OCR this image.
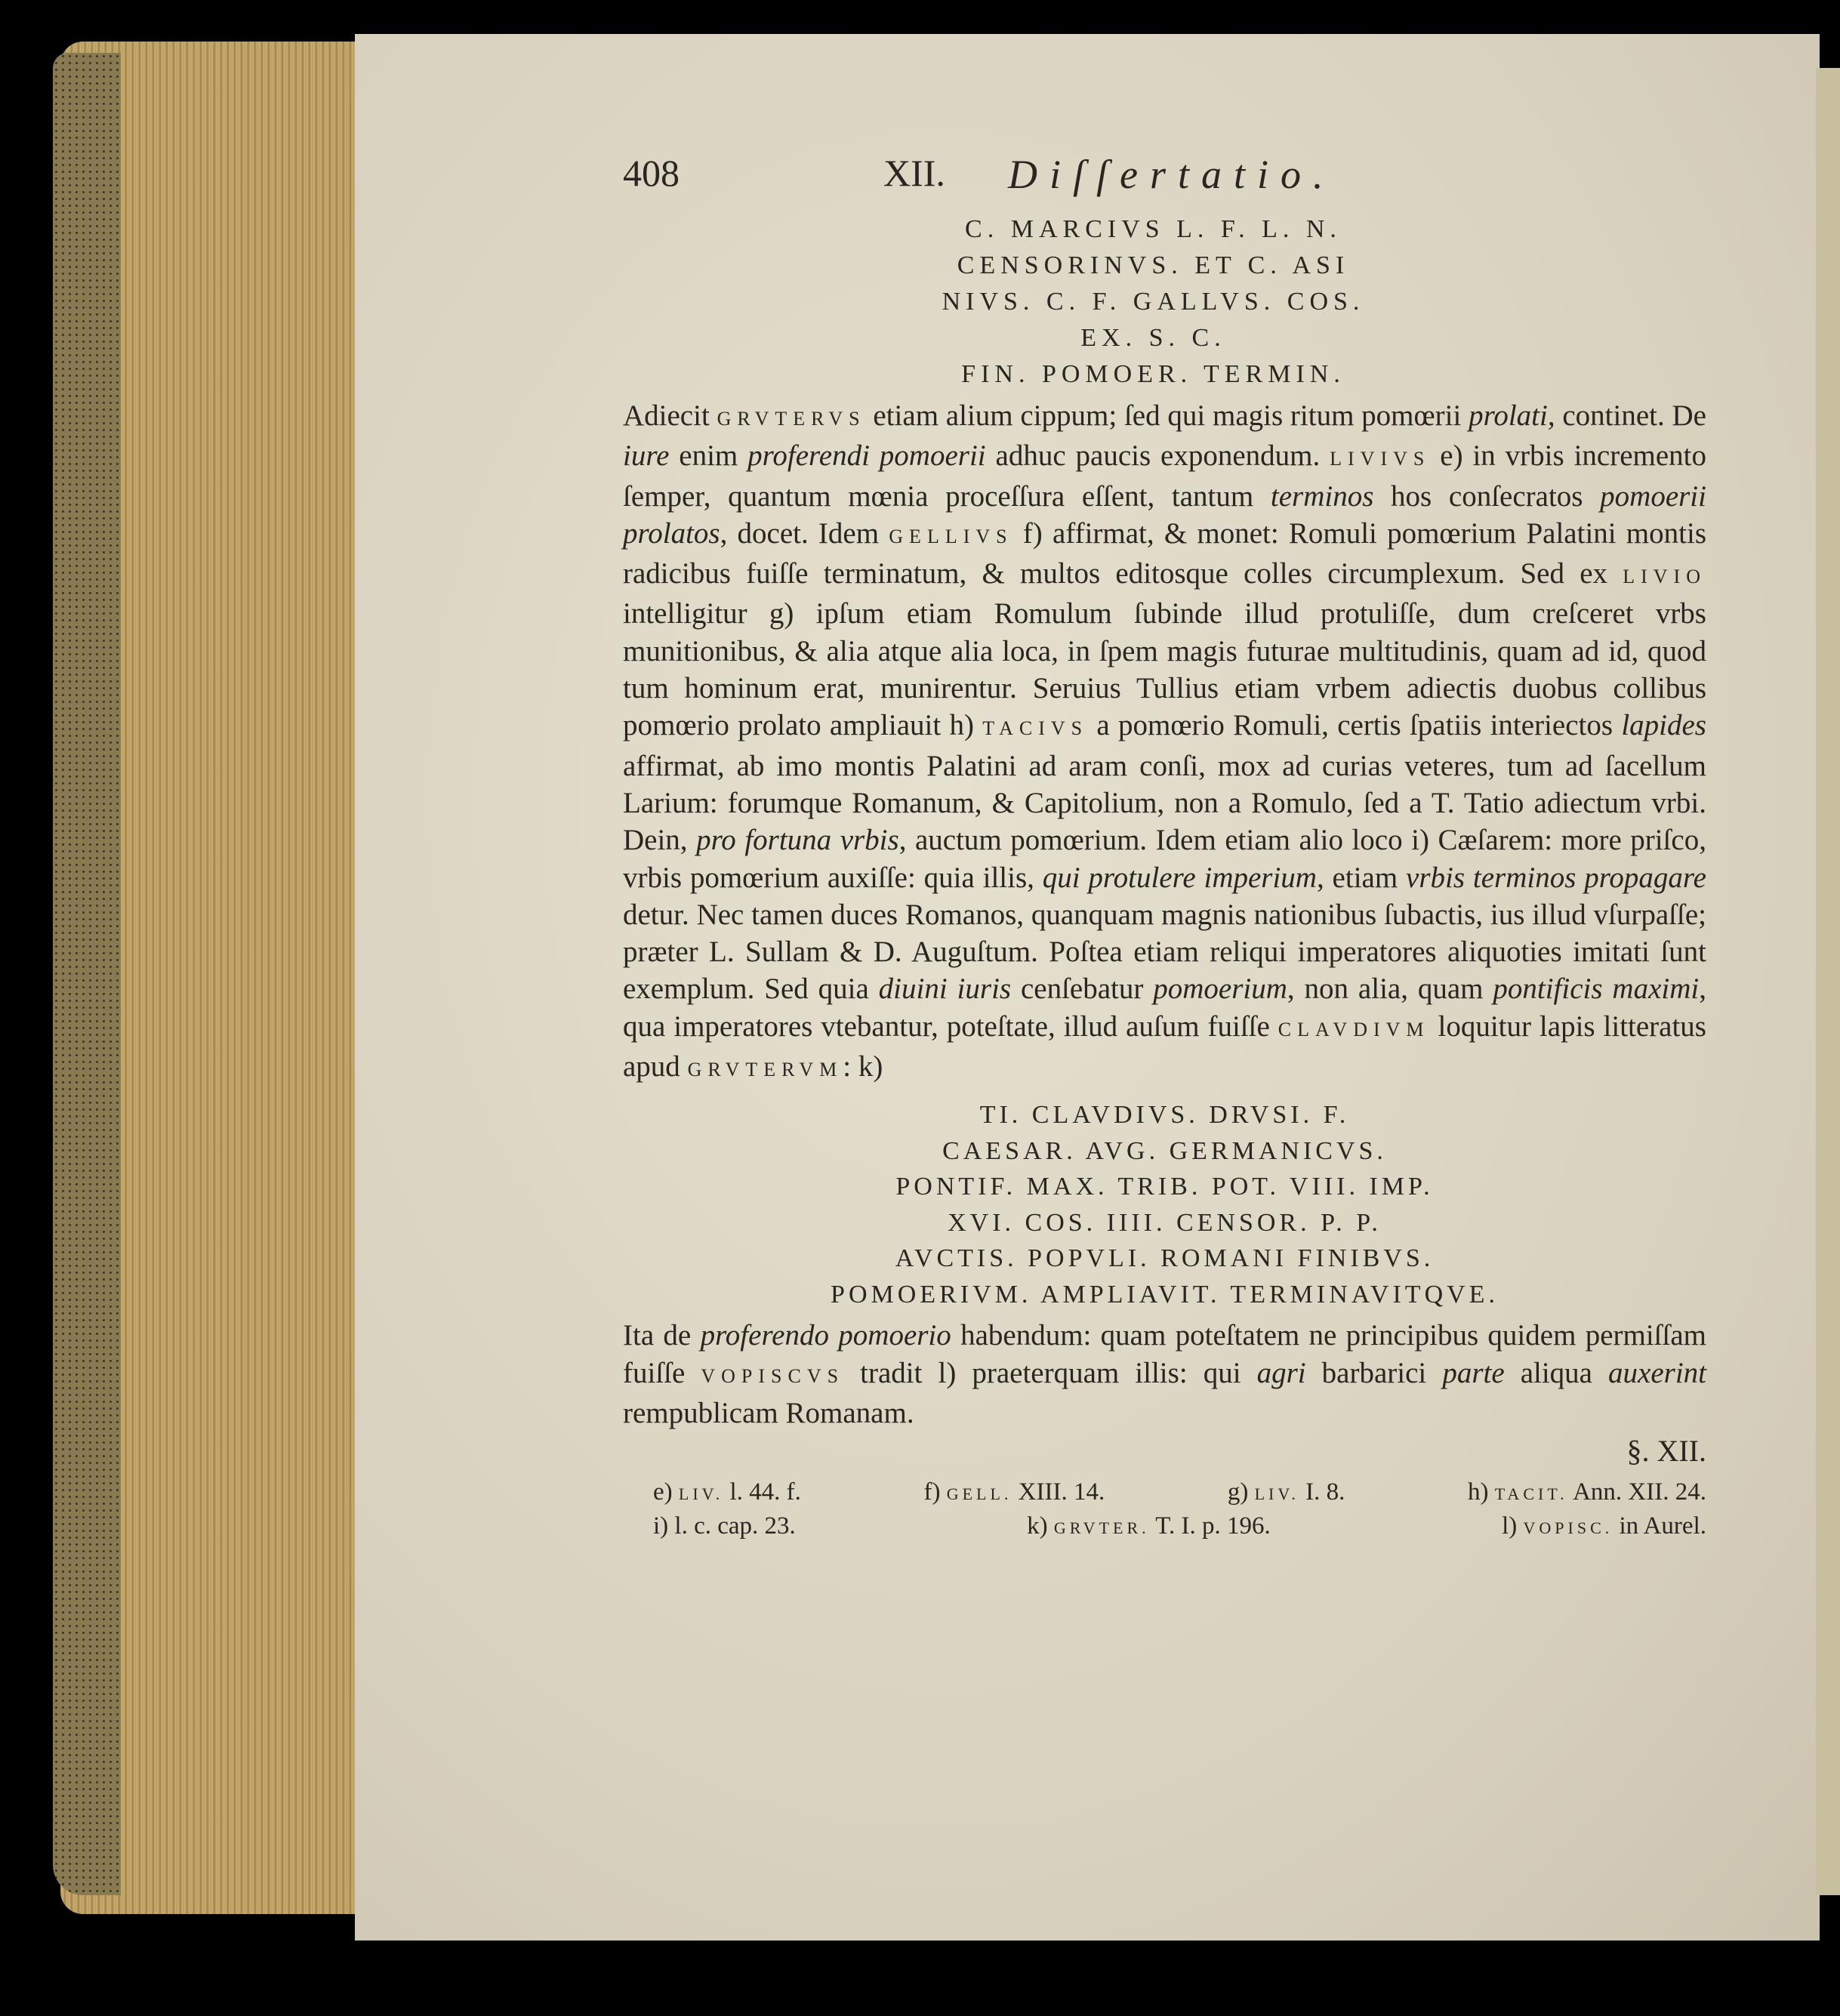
408	XII. Diſſertatio.
C. MARCIVS L. F. L. N.
CENSORINVS. ET C. ASI
NIVS. C. F. GALLVS. COS.
EX. S. C.
FIN. POMOER. TERMIN.

Adiecit GRVTERVS etiam alium cippum; ſed qui magis ritum pomœrii prolati, continet. De iure enim proferendi pomoerii adhuc paucis exponendum. LIVIVS e) in vrbis incremento ſemper, quantum mœnia proceſſura eſſent, tantum terminos hos conſecratos pomoerii prolatos, docet. Idem GELLIVS f) affirmat, & monet: Romuli pomœrium Palatini montis radicibus fuiſſe terminatum, & multos editosque colles circumplexum. Sed ex LIVIO intelligitur g) ipſum etiam Romulum ſubinde illud protuliſſe, dum creſceret vrbs munitionibus, & alia atque alia loca, in ſpem magis futurae multitudinis, quam ad id, quod tum hominum erat, munirentur. Seruius Tullius etiam vrbem adiectis duobus collibus pomœrio prolato ampliauit h) TACIVS a pomœrio Romuli, certis ſpatiis interiectos lapides affirmat, ab imo montis Palatini ad aram conſi, mox ad curias veteres, tum ad ſacellum Larium: forumque Romanum, & Capitolium, non a Romulo, ſed a T. Tatio adiectum vrbi. Dein, pro fortuna vrbis, auctum pomœrium. Idem etiam alio loco i) Cæſarem: more priſco, vrbis pomœrium auxiſſe: quia illis, qui protulere imperium, etiam vrbis terminos propagare detur. Nec tamen duces Romanos, quanquam magnis nationibus ſubactis, ius illud vſurpaſſe; præter L. Sullam & D. Auguſtum. Poſtea etiam reliqui imperatores aliquoties imitati ſunt exemplum. Sed quia diuini iuris cenſebatur pomoerium, non alia, quam pontificis maximi, qua imperatores vtebantur, poteſtate, illud auſum fuiſſe CLAVDIVM loquitur lapis litteratus apud GRVTERVM: k)

TI. CLAVDIVS. DRVSI. F.
CAESAR. AVG. GERMANICVS.
PONTIF. MAX. TRIB. POT. VIII. IMP.
XVI. COS. IIII. CENSOR. P. P.
AVCTIS. POPVLI. ROMANI FINIBVS.
POMOERIVM. AMPLIAVIT. TERMINAVITQVE.

Ita de proferendo pomoerio habendum: quam poteſtatem ne principibus quidem permiſſam fuiſſe VOPISCVS tradit l) praeterquam illis: qui agri barbarici parte aliqua auxerint rempublicam Romanam.

§. XII.
e) LIV. l. 44. f.	f) GELL. XIII. 14.	g) LIV. I. 8.	h) TACIT. Ann. XII. 24.
i) l. c. cap. 23.	k) GRVTER. T. I. p. 196.	l) VOPISC. in Aurel.
